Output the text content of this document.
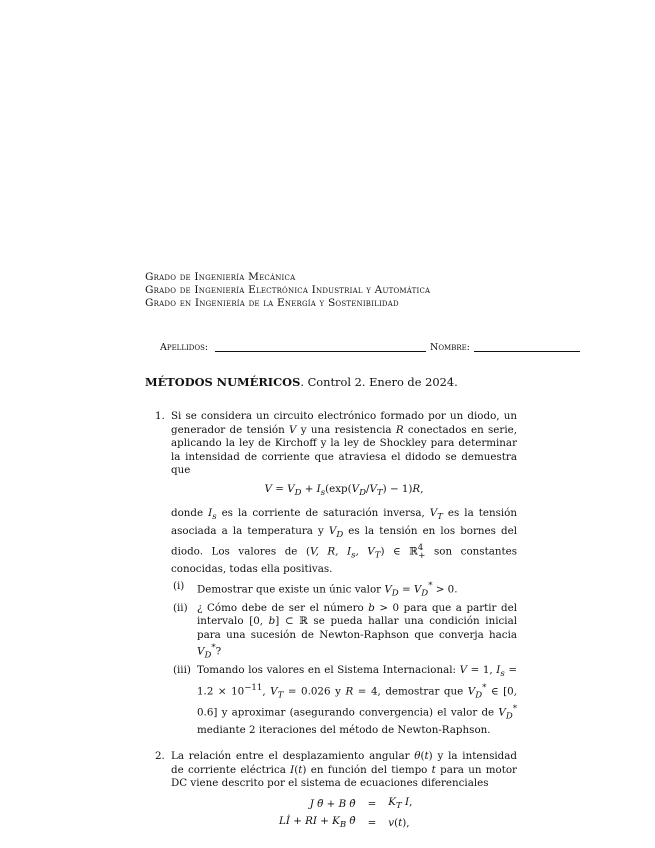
Grado de Ingeniería Mecánica
Grado de Ingeniería Electrónica Industrial y Automática
Grado en Ingeniería de la Energía y Sostenibilidad
Apellidos:	Nombre:
MÉTODOS NUMÉRICOS. Control 2. Enero de 2024.
1. Si se considera un circuito electrónico formado por un diodo, un generador de tensión V y una resistencia R conectados en serie, aplicando la ley de Kirchoff y la ley de Shockley para determinar la intensidad de corriente que atraviesa el didodo se demuestra que
$V = V_D + I_s(\exp(V_D/V_T) - 1)R$,
donde $I_s$ es la corriente de saturación inversa, $V_T$ es la tensión asociada a la temperatura y $V_D$ es la tensión en los bornes del diodo. Los valores de (V, R, $I_s$, $V_T$) ∈ ℝ$^4_+$ son constantes conocidas, todas ella positivas.
(i) Demostrar que existe un únic valor $V_D = V_D^* > 0$.
(ii) ¿ Cómo debe de ser el número b > 0 para que a partir del intervalo [0, b] ⊂ ℝ se pueda hallar una condición inicial para una sucesión de Newton-Raphson que converja hacia $V_D^*$?
(iii) Tomando los valores en el Sistema Internacional: V = 1, $I_s = 1.2 \times 10^{-11}$, $V_T = 0.026$ y R = 4, demostrar que $V_D^*$ ∈ [0, 0.6] y aproximar (asegurando convergencia) el valor de $V_D^*$ mediante 2 iteraciones del método de Newton-Raphson.
2. La relación entre el desplazamiento angular θ(t) y la intensidad de corriente eléctrica I(t) en función del tiempo t para un motor DC viene descrito por el sistema de ecuaciones diferenciales
J θ̈ + B θ̇	=	$K_T$ I,
Lİ + RI + $K_B$ θ̇	=	v(t),
